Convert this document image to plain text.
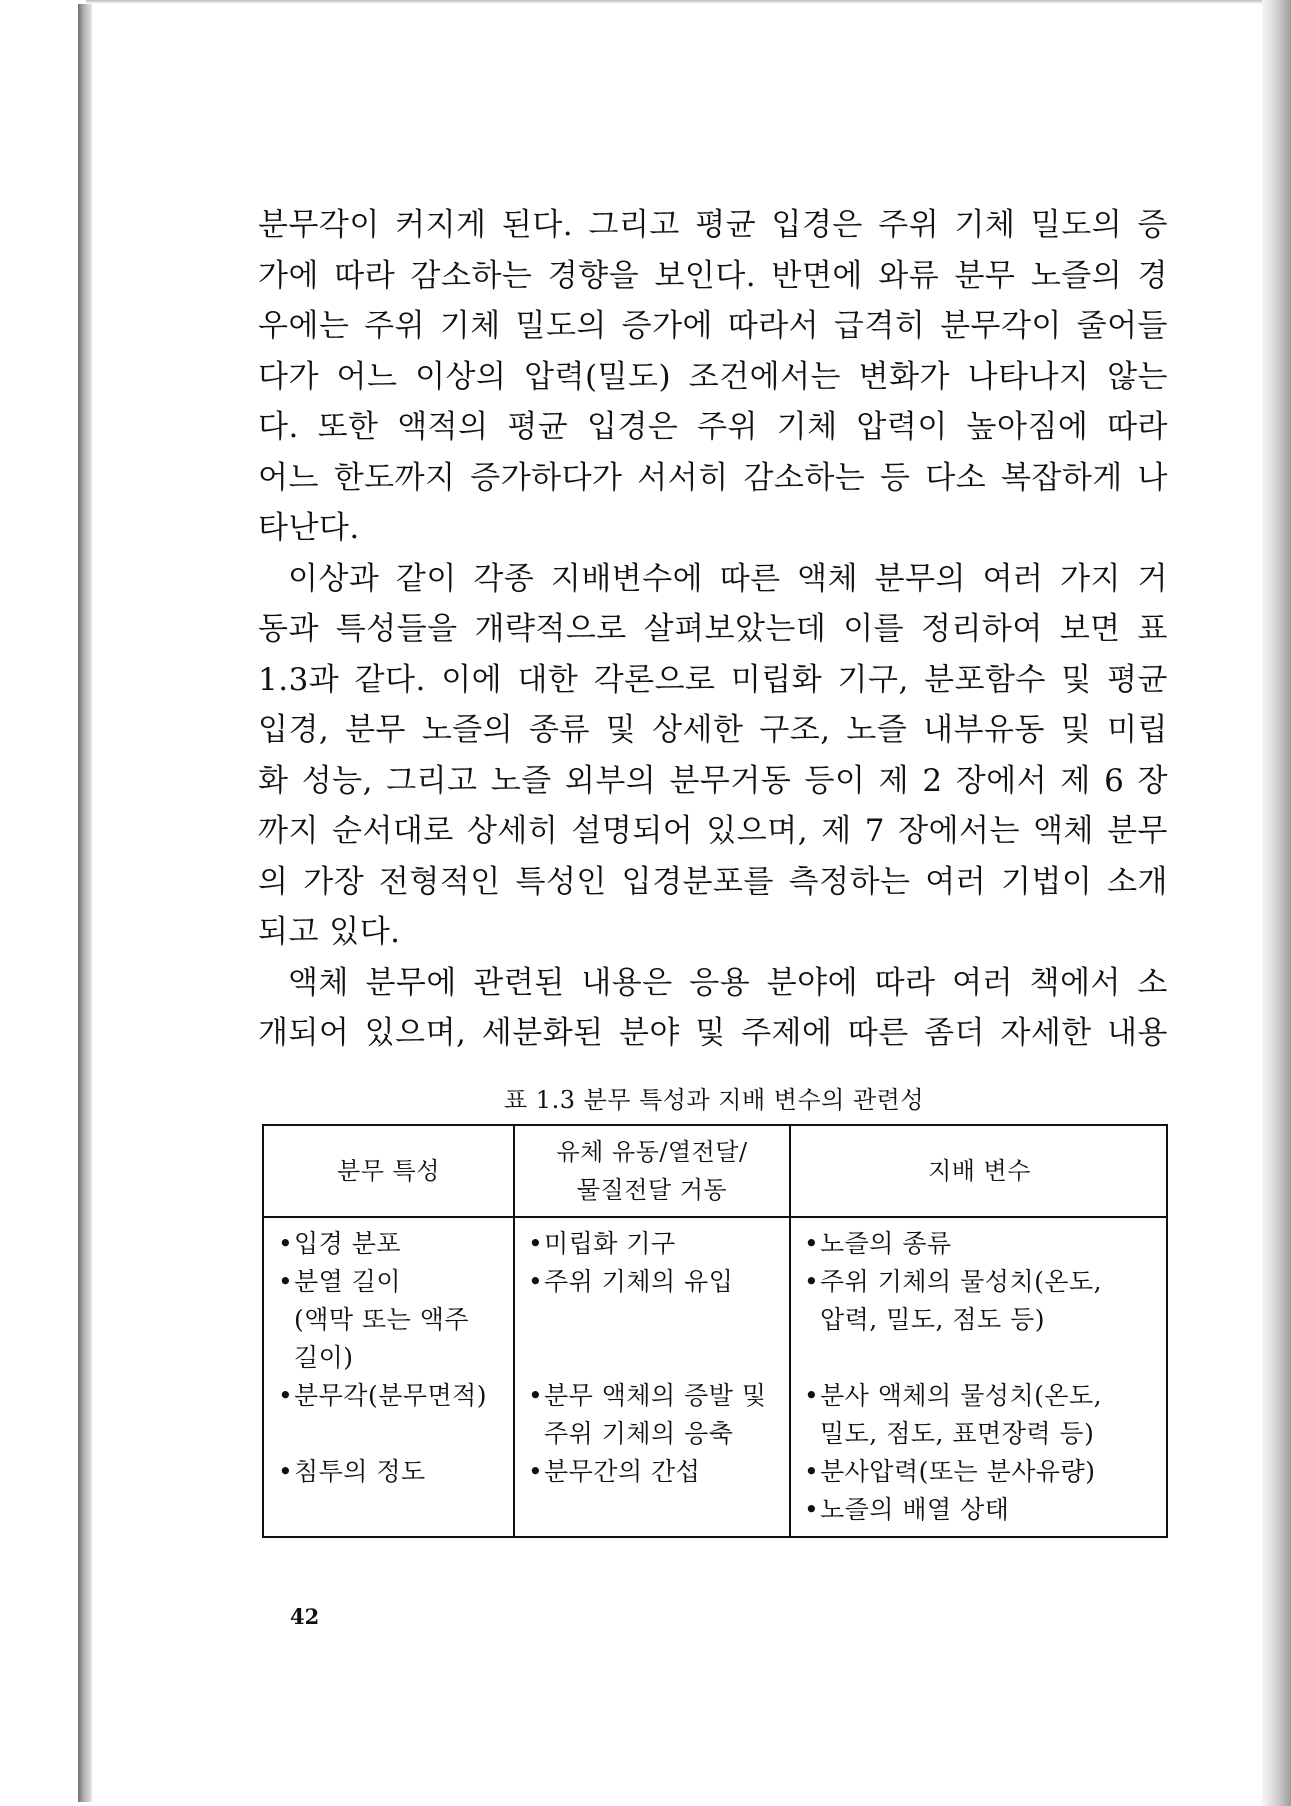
분무각이 커지게 된다. 그리고 평균 입경은 주위 기체 밀도의 증
가에 따라 감소하는 경향을 보인다. 반면에 와류 분무 노즐의 경
우에는 주위 기체 밀도의 증가에 따라서 급격히 분무각이 줄어들
다가 어느 이상의 압력(밀도) 조건에서는 변화가 나타나지 않는
다. 또한 액적의 평균 입경은 주위 기체 압력이 높아짐에 따라
어느 한도까지 증가하다가 서서히 감소하는 등 다소 복잡하게 나
타난다.
이상과 같이 각종 지배변수에 따른 액체 분무의 여러 가지 거
동과 특성들을 개략적으로 살펴보았는데 이를 정리하여 보면 표
1.3과 같다. 이에 대한 각론으로 미립화 기구, 분포함수 및 평균
입경, 분무 노즐의 종류 및 상세한 구조, 노즐 내부유동 및 미립
화 성능, 그리고 노즐 외부의 분무거동 등이 제 2 장에서 제 6 장
까지 순서대로 상세히 설명되어 있으며, 제 7 장에서는 액체 분무
의 가장 전형적인 특성인 입경분포를 측정하는 여러 기법이 소개
되고 있다.
액체 분무에 관련된 내용은 응용 분야에 따라 여러 책에서 소
개되어 있으며, 세분화된 분야 및 주제에 따른 좀더 자세한 내용
표 1.3 분무 특성과 지배 변수의 관련성
분무 특성
유체 유동/열전달/
물질전달 거동
지배 변수
•입경 분포
•분열 길이
(액막 또는 액주
길이)
•분무각(분무면적)
•침투의 정도
•미립화 기구
•주위 기체의 유입
•분무 액체의 증발 및
주위 기체의 응축
•분무간의 간섭
•노즐의 종류
•주위 기체의 물성치(온도,
압력, 밀도, 점도 등)
•분사 액체의 물성치(온도,
밀도, 점도, 표면장력 등)
•분사압력(또는 분사유량)
•노즐의 배열 상태
42
